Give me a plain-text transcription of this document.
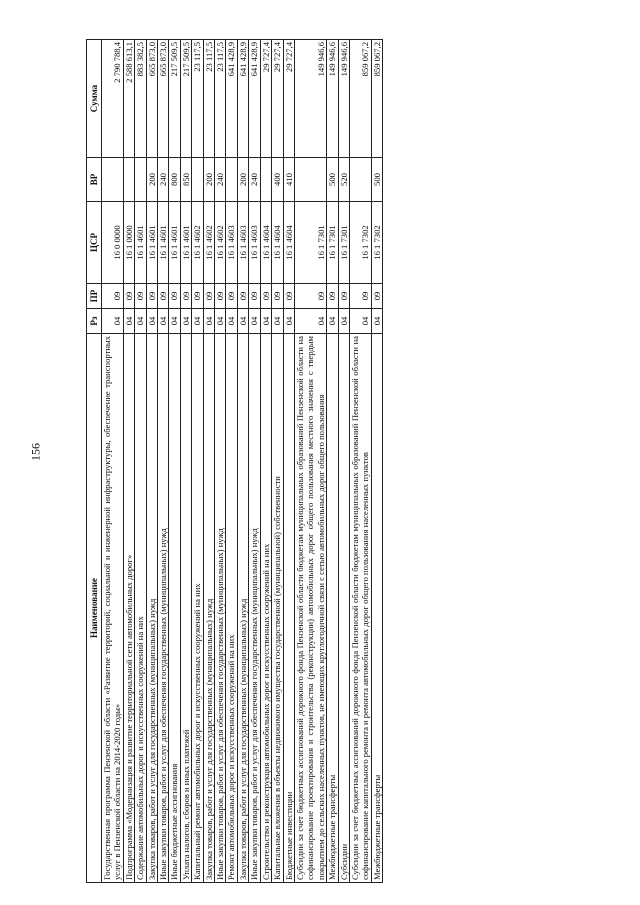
156
Наименование	Рз	ПР	ЦСР	ВР	Сумма
Государственная программа Пензенской области «Развитие территорий, социальной и инженерной инфраструктуры, обеспечение транспортных услуг в Пензенской области на 2014-2020 годы»	04	09	16 0 0000		2 790 788,4
Подпрограмма «Модернизация и развитие территориальной сети автомобильных дорог»	04	09	16 1 0000		2 588 613,1
Содержание автомобильных дорог и искусственных сооружений на них	04	09	16 1 4601		883 382,5
Закупка товаров, работ и услуг для государственных (муниципальных) нужд	04	09	16 1 4601	200	665 873,0
Иные закупки товаров, работ и услуг для обеспечения государственных (муниципальных) нужд	04	09	16 1 4601	240	665 873,0
Иные бюджетные ассигнования	04	09	16 1 4601	800	217 509,5
Уплата налогов, сборов и иных платежей	04	09	16 1 4601	850	217 509,5
Капитальный ремонт автомобильных дорог и искусственных сооружений на них	04	09	16 1 4602		23 117,5
Закупка товаров, работ и услуг для государственных (муниципальных) нужд	04	09	16 1 4602	200	23 117,5
Иные закупки товаров, работ и услуг для обеспечения государственных (муниципальных) нужд	04	09	16 1 4602	240	23 117,5
Ремонт автомобильных дорог и искусственных сооружений на них	04	09	16 1 4603		641 428,9
Закупка товаров, работ и услуг для государственных (муниципальных) нужд	04	09	16 1 4603	200	641 428,9
Иные закупки товаров, работ и услуг для обеспечения государственных (муниципальных) нужд	04	09	16 1 4603	240	641 428,9
Строительство и реконструкция автомобильных дорог и искусственных сооружений на них	04	09	16 1 4604		29 727,4
Капитальные вложения в объекты недвижимого имущества государственной (муниципальной) собственности	04	09	16 1 4604	400	29 727,4
Бюджетные инвестиции	04	09	16 1 4604	410	29 727,4
Субсидии за счет бюджетных ассигнований дорожного фонда Пензенской области бюджетам муниципальных образований Пензенской области на софинансирование проектирования и строительства (реконструкции) автомобильных дорог общего пользования местного значения с твердым покрытием до сельских населенных пунктов, не имеющих круглогодичной связи с сетью автомобильных дорог общего пользования	04	09	16 1 7301		149 946,6
Межбюджетные трансферты	04	09	16 1 7301	500	149 946,6
Субсидии	04	09	16 1 7301	520	149 946,6
Субсидии за счет бюджетных ассигнований дорожного фонда Пензенской области бюджетам муниципальных образований Пензенской области на софинансирование капитального ремонта и ремонта автомобильных дорог общего пользования населенных пунктов	04	09	16 1 7302		859 067,2
Межбюджетные трансферты	04	09	16 1 7302	500	859 067,2
